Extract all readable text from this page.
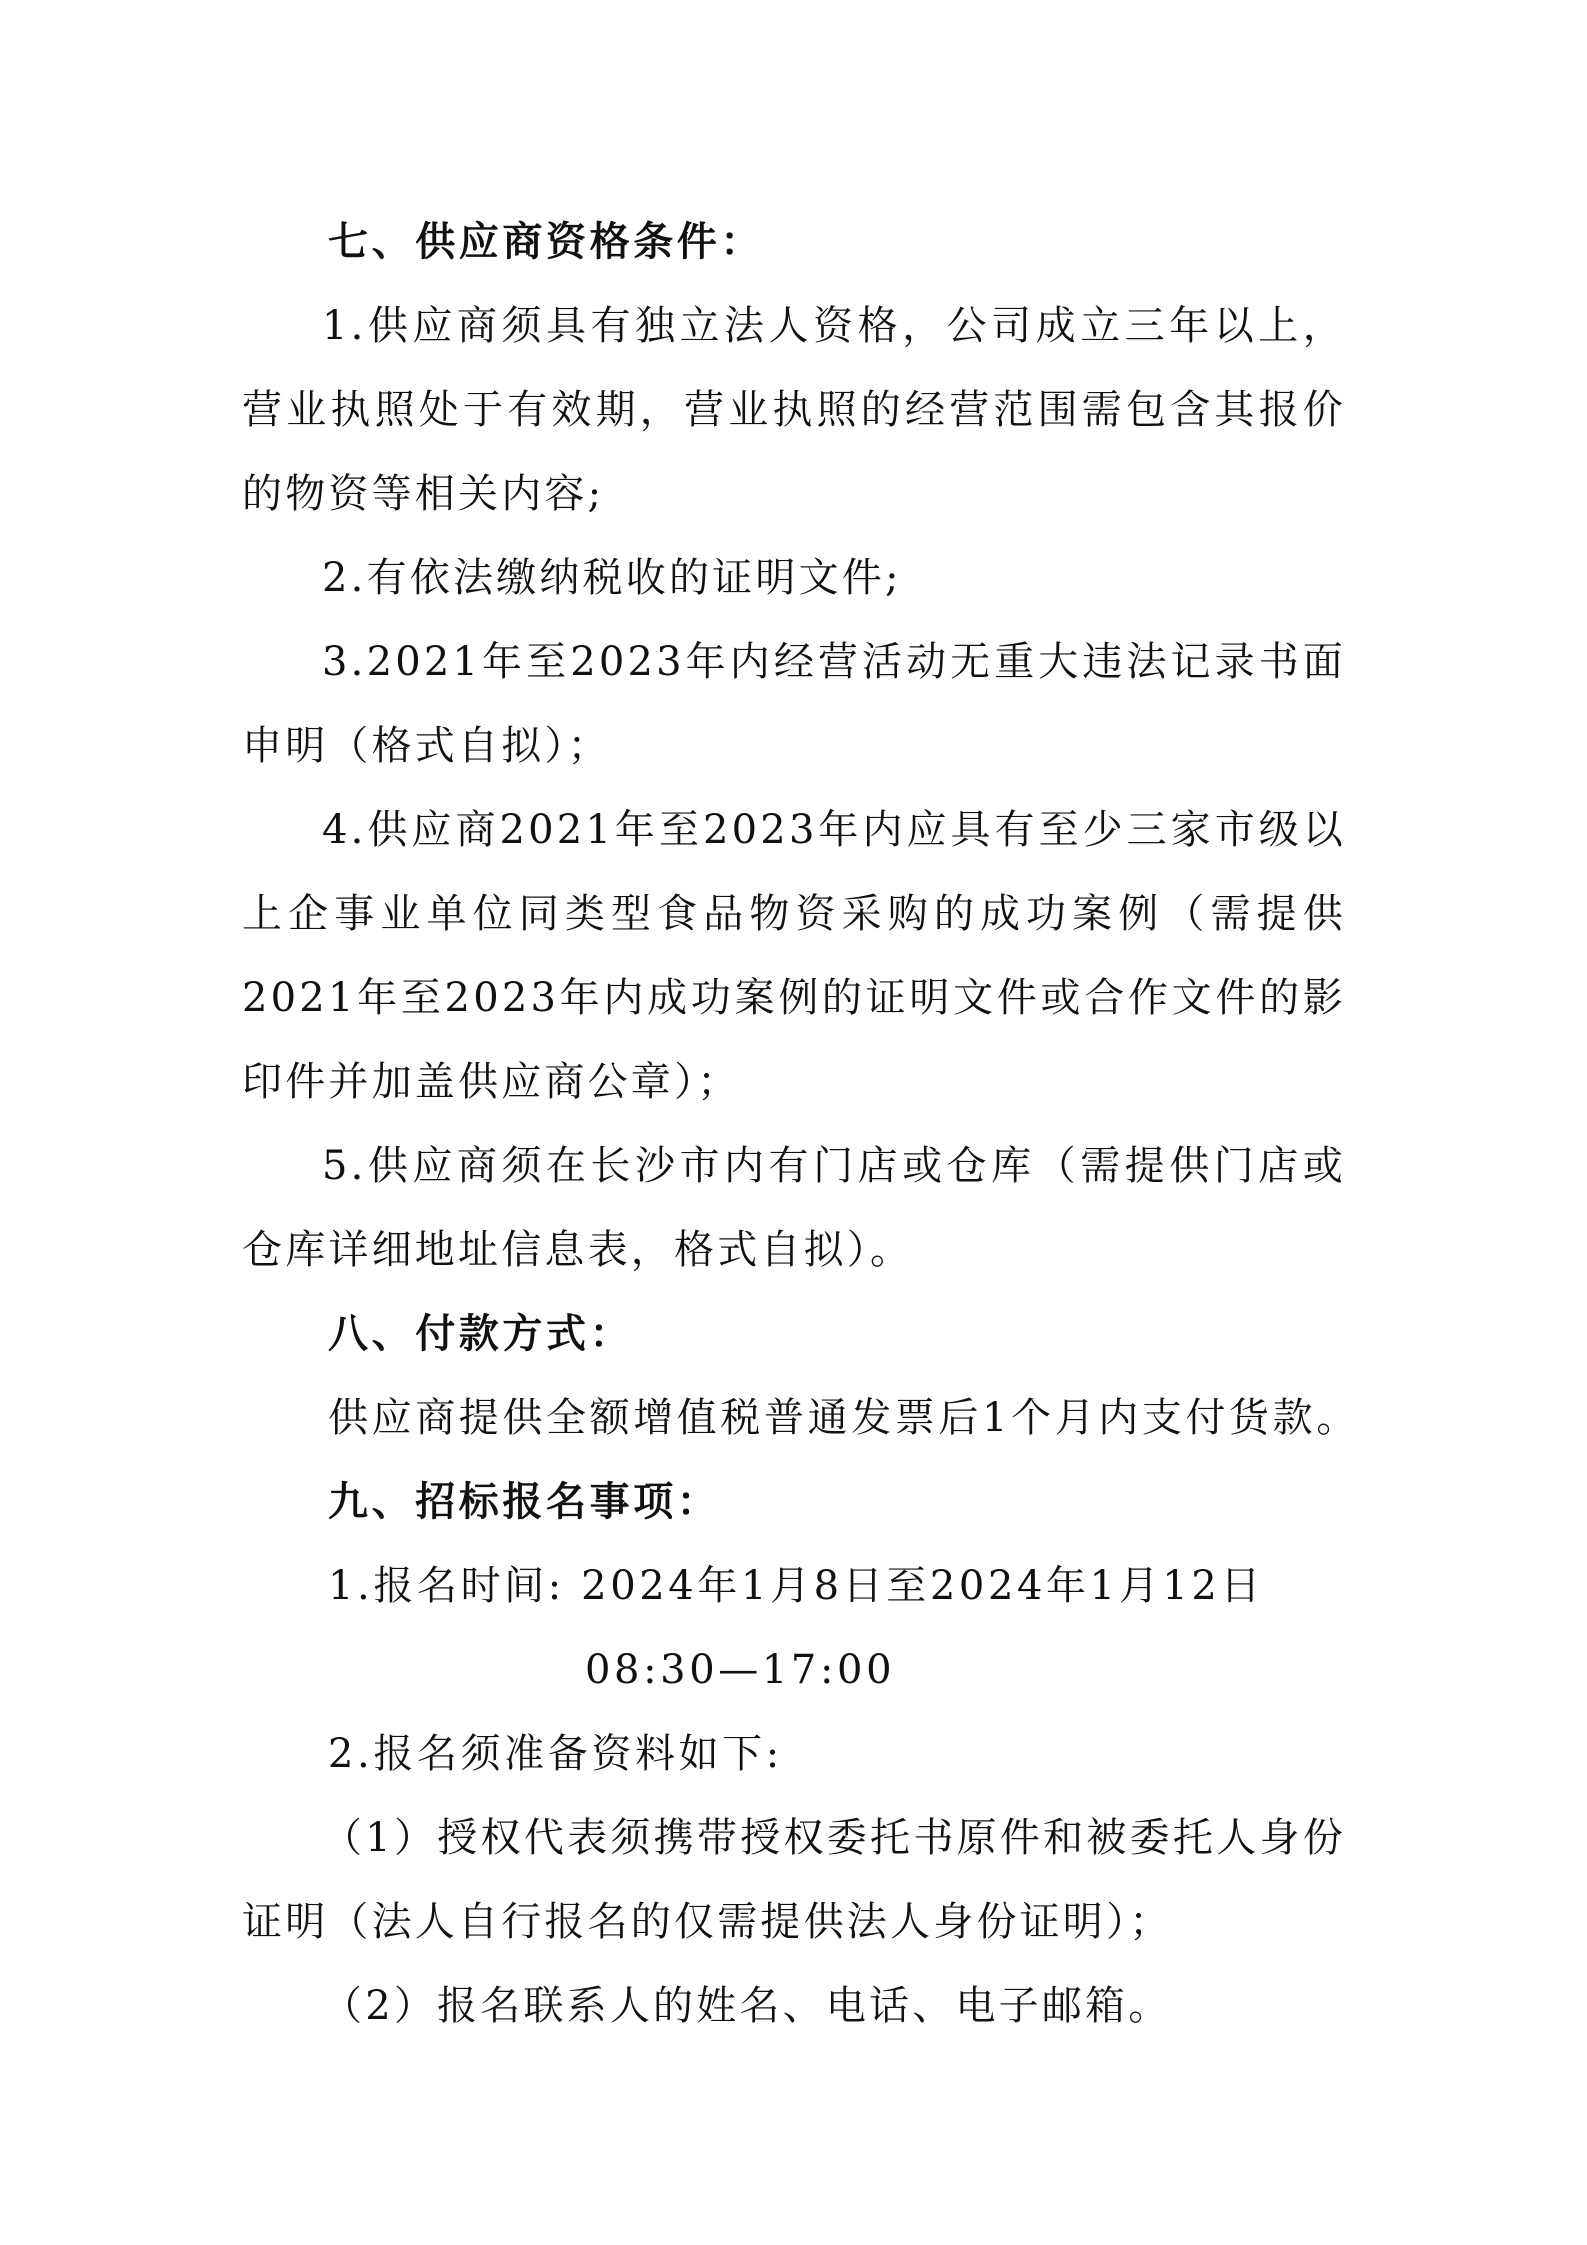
七、供应商资格条件：

1.供应商须具有独立法人资格，公司成立三年以上，营业执照处于有效期，营业执照的经营范围需包含其报价的物资等相关内容;

2.有依法缴纳税收的证明文件;

3.2021年至2023年内经营活动无重大违法记录书面申明（格式自拟）；

4.供应商2021年至2023年内应具有至少三家市级以上企事业单位同类型食品物资采购的成功案例（需提供2021年至2023年内成功案例的证明文件或合作文件的影印件并加盖供应商公章）；

5.供应商须在长沙市内有门店或仓库（需提供门店或仓库详细地址信息表，格式自拟）。

八、付款方式：
供应商提供全额增值税普通发票后1个月内支付货款。
九、招标报名事项：
1.报名时间: 2024年1月8日至2024年1月12日
08:30—17:00
2.报名须准备资料如下:

（1）授权代表须携带授权委托书原件和被委托人身份证明（法人自行报名的仅需提供法人身份证明）；

（2）报名联系人的姓名、电话、电子邮箱。
